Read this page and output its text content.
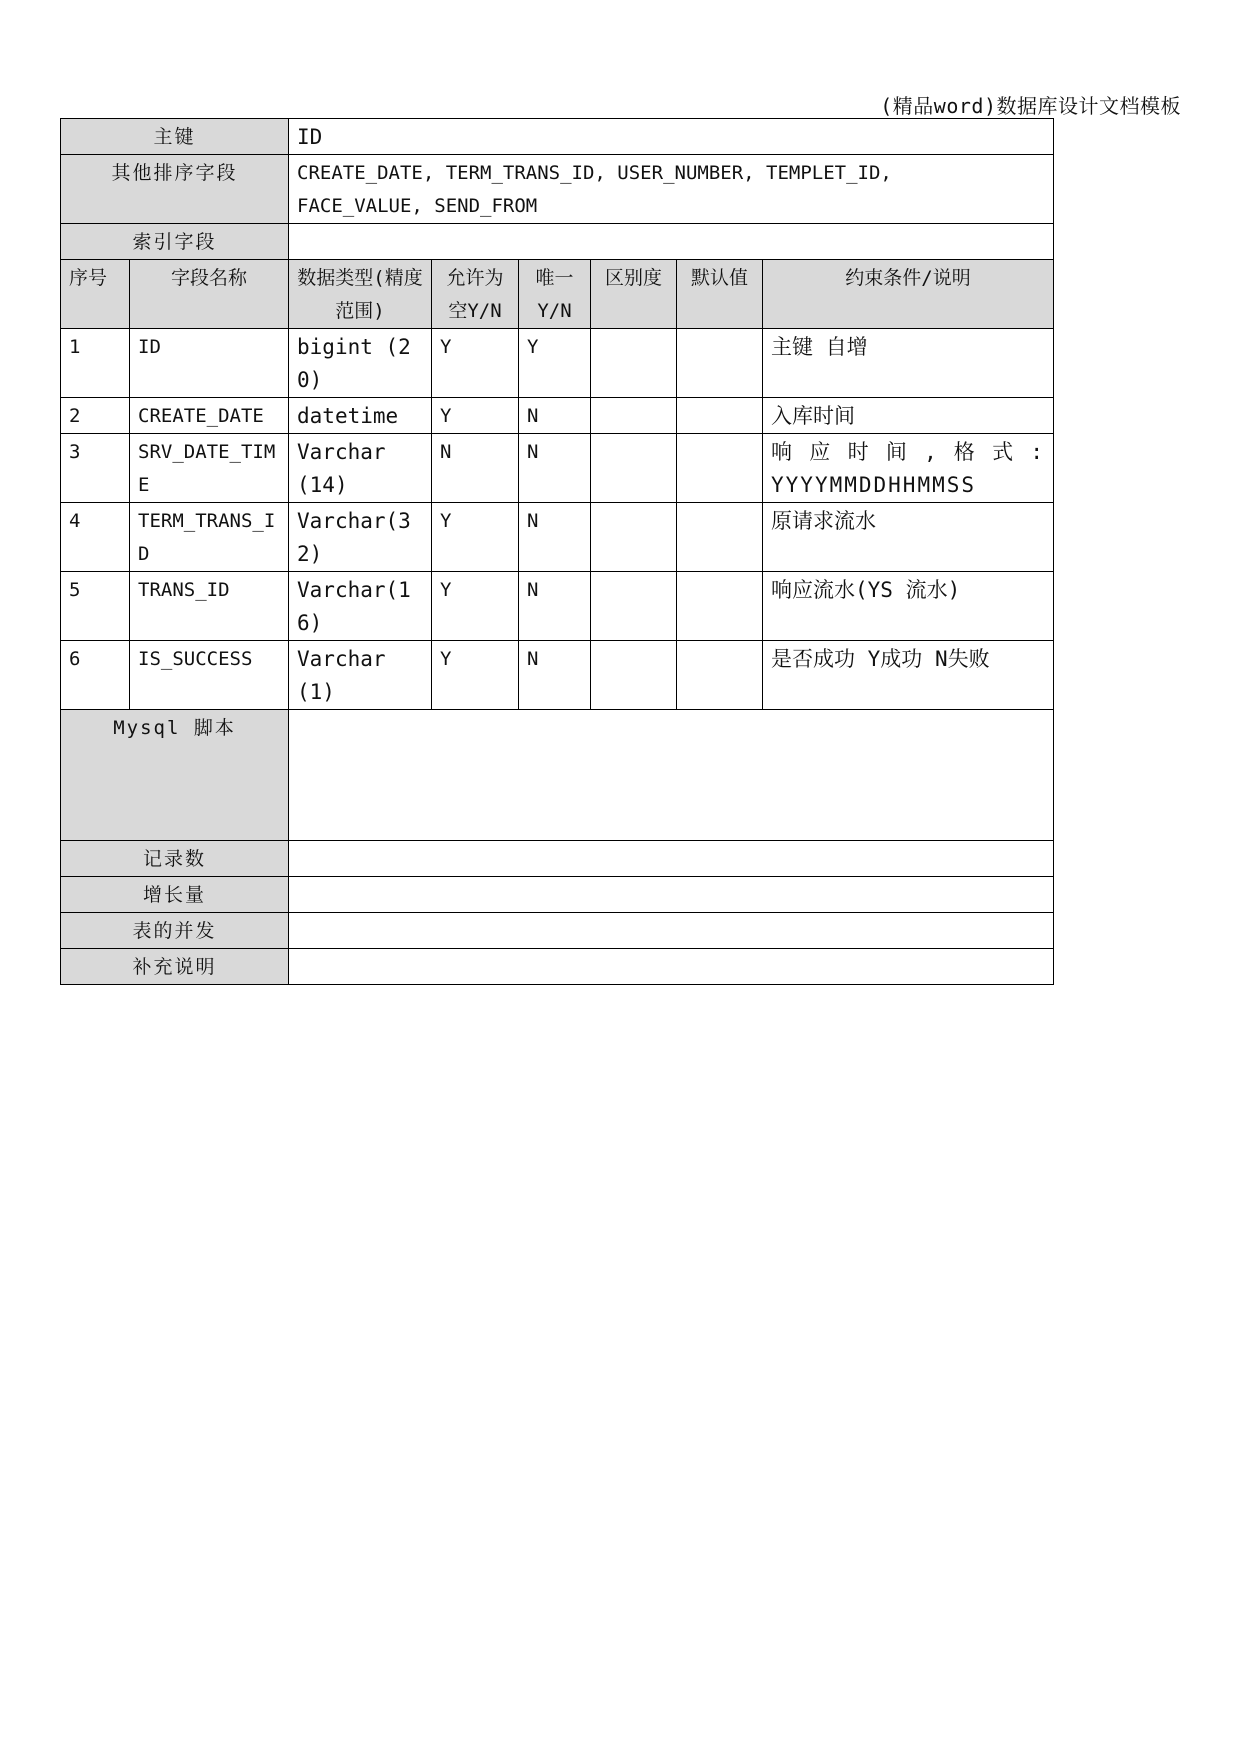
(精品word)数据库设计文档模板
主键		ID					
其他排序字段		CREATE_DATE, TERM_TRANS_ID, USER_NUMBER, TEMPLET_ID,
FACE_VALUE, SEND_FROM					

索引字段							
序号	字段名称	数据类型(精度范围)	允许为空Y/N	唯一Y/N	区别度	默认值	约束条件/说明
1	ID	bigint (20)	Y	Y			主键 自增
2	CREATE_DATE	datetime	Y	N			入库时间
3	SRV_DATE_TIME	Varchar (14)	N	N			响 应 时 间 , 格 式 : YYYYMMDDHHMMSS
4	TERM_TRANS_ID	Varchar(32)	Y	N			原请求流水
5	TRANS_ID	Varchar(16)	Y	N			响应流水(YS 流水)
6	IS_SUCCESS	Varchar(1)	Y	N			是否成功 Y成功 N失败
Mysql 脚本							
记录数							
增长量							
表的并发							
补充说明							
